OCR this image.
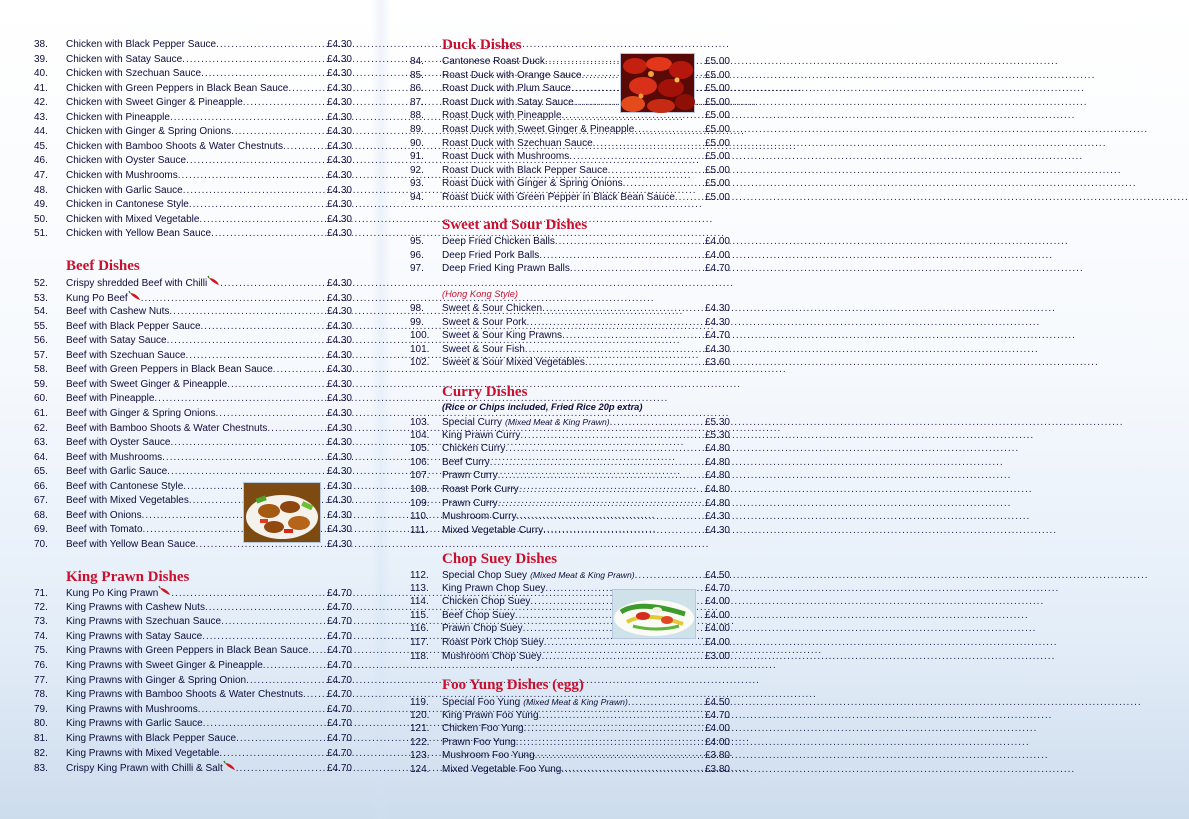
38.	Chicken with Black Pepper Sauce .....	£4.30
39.	Chicken with Satay Sauce .....	£4.30
40.	Chicken with Szechuan Sauce .....	£4.30
41.	Chicken with Green Peppers in Black Bean Sauce .....	£4.30
42.	Chicken with Sweet Ginger & Pineapple .....	£4.30
43.	Chicken with Pineapple .....	£4.30
44.	Chicken with Ginger & Spring Onions .....	£4.30
45.	Chicken with Bamboo Shoots & Water Chestnuts .....	£4.30
46.	Chicken with Oyster Sauce .....	£4.30
47.	Chicken with Mushrooms .....	£4.30
48.	Chicken with Garlic Sauce .....	£4.30
49.	Chicken in Cantonese Style .....	£4.30
50.	Chicken with Mixed Vegetable .....	£4.30
51.	Chicken with Yellow Bean Sauce .....	£4.30
Beef Dishes
52.	Crispy shredded Beef with Chilli .....	£4.30
53.	Kung Po Beef .....	£4.30
54.	Beef with Cashew Nuts .....	£4.30
55.	Beef with Black Pepper Sauce .....	£4.30
56.	Beef with Satay Sauce .....	£4.30
57.	Beef with Szechuan Sauce .....	£4.30
58.	Beef with Green Peppers in Black Bean Sauce .....	£4.30
59.	Beef with Sweet Ginger & Pineapple .....	£4.30
60.	Beef with Pineapple .....	£4.30
61.	Beef with Ginger & Spring Onions .....	£4.30
62.	Beef with Bamboo Shoots & Water Chestnuts .....	£4.30
63.	Beef with Oyster Sauce .....	£4.30
64.	Beef with Mushrooms .....	£4.30
65.	Beef with Garlic Sauce .....	£4.30
66.	Beef with Cantonese Style .....	£4.30
67.	Beef with Mixed Vegetables .....	£4.30
68.	Beef with Onions .....	£4.30
69.	Beef with Tomato .....	£4.30
70.	Beef with Yellow Bean Sauce .....	£4.30
King Prawn Dishes
71.	Kung Po King Prawn .....	£4.70
72.	King Prawns with Cashew Nuts .....	£4.70
73.	King Prawns with Szechuan Sauce .....	£4.70
74.	King Prawns with Satay Sauce .....	£4.70
75.	King Prawns with Green Peppers in Black Bean Sauce ..... £4.70
76.	King Prawns with Sweet Ginger & Pineapple .....	£4.70
77.	King Prawns with Ginger & Spring Onion .....	£4.70
78.	King Prawns with Bamboo Shoots & Water Chestnuts ..... £4.70
79.	King Prawns with Mushrooms .....	£4.70
80.	King Prawns with Garlic Sauce .....	£4.70
81.	King Prawns with Black Pepper Sauce .....	£4.70
82.	King Prawns with Mixed Vegetable .....	£4.70
83.	Crispy King Prawn with Chilli & Salt .....	£4.70
Duck Dishes
84.	Cantonese Roast Duck .....	£5.00
85.	Roast Duck with Orange Sauce .....	£5.00
86.	Roast Duck with Plum Sauce .....	£5.00
87.	Roast Duck with Satay Sauce .....	£5.00
88.	Roast Duck with Pineapple .....	£5.00
89.	Roast Duck with Sweet Ginger & Pineapple .....	£5.00
90.	Roast Duck with Szechuan Sauce .....	£5.00
91.	Roast Duck with Mushrooms .....	£5.00
92.	Roast Duck with Black Pepper Sauce .....	£5.00
93.	Roast Duck with Ginger & Spring Onions .....	£5.00
94.	Roast Duck with Green Pepper in Black Bean Sauce .....	£5.00
Sweet and Sour Dishes
95.	Deep Fried Chicken Balls .....	£4.00
96.	Deep Fried Pork Balls .....	£4.00
97.	Deep Fried King Prawn Balls .....	£4.70
(Hong Kong Style)
98.	Sweet & Sour Chicken .....	£4.30
99.	Sweet & Sour Pork .....	£4.30
100.	Sweet & Sour King Prawns .....	£4.70
101.	Sweet & Sour Fish .....	£4.30
102.	Sweet & Sour Mixed Vegetables .....	£3.60
Curry Dishes
(Rice or Chips included, Fried Rice 20p extra)
103.	Special Curry (Mixed Meat & King Prawn) .....	£5.30
104.	King Prawn Curry .....	£5.30
105.	Chicken Curry .....	£4.80
106.	Beef Curry .....	£4.80
107.	Prawn Curry .....	£4.80
108.	Roast Pork Curry .....	£4.80
109.	Prawn Curry .....	£4.80
110.	Mushroom Curry .....	£4.30
111.	Mixed Vegetable Curry .....	£4.30
Chop Suey Dishes
112.	Special Chop Suey (Mixed Meat & King Prawn) .....	£4.50
113.	King Prawn Chop Suey .....	£4.70
114.	Chicken Chop Suey .....	£4.00
115.	Beef Chop Suey .....	£4.00
116.	Prawn Chop Suey .....	£4.00
117.	Roast Pork Chop Suey .....	£4.00
118.	Mushroom Chop Suey .....	£3.00
Foo Yung Dishes (egg)
119.	Special Foo Yung (Mixed Meat & King Prawn) .....	£4.50
120.	King Prawn Foo Yung .....	£4.70
121.	Chicken Foo Yung .....	£4.00
122.	Prawn Foo Yung .....	£4.00
123.	Mushroom Foo Yung .....	£3.80
124.	Mixed Vegetable Foo Yung .....	£3.80
